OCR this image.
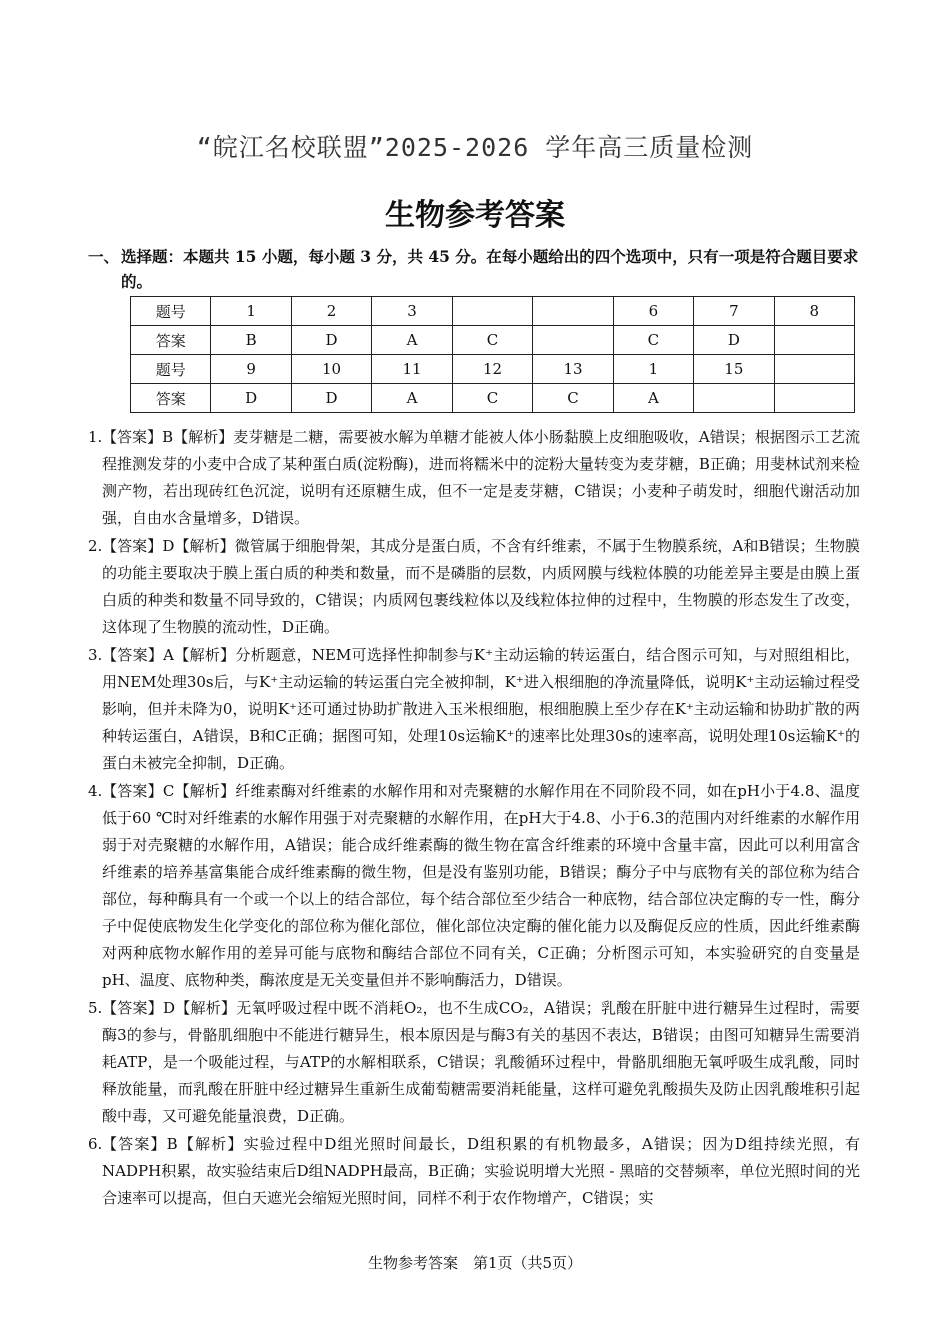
“皖江名校联盟”2025-2026 学年高三质量检测
生物参考答案
一、 选择题：本题共 15 小题，每小题 3 分，共 45 分。在每小题给出的四个选项中，只有一项是符合题目要求的。
题号	1	2	3			6	7	8
答案	B	D	A	C		C	D	
题号	9	10	11	12	13	1	15	
答案	D	D	A	C	C	A		
1. 【答案】B【解析】麦芽糖是二糖，需要被水解为单糖才能被人体小肠黏膜上皮细胞吸收，A错误；根据图示工艺流程推测发芽的小麦中合成了某种蛋白质(淀粉酶)，进而将糯米中的淀粉大量转变为麦芽糖，B正确；用斐林试剂来检测产物，若出现砖红色沉淀，说明有还原糖生成，但不一定是麦芽糖，C错误；小麦种子萌发时，细胞代谢活动加强，自由水含量增多，D错误。
2. 【答案】D【解析】微管属于细胞骨架，其成分是蛋白质，不含有纤维素，不属于生物膜系统，A和B错误；生物膜的功能主要取决于膜上蛋白质的种类和数量，而不是磷脂的层数，内质网膜与线粒体膜的功能差异主要是由膜上蛋白质的种类和数量不同导致的，C错误；内质网包裹线粒体以及线粒体拉伸的过程中，生物膜的形态发生了改变，这体现了生物膜的流动性，D正确。
3. 【答案】A【解析】分析题意，NEM可选择性抑制参与K⁺主动运输的转运蛋白，结合图示可知，与对照组相比，用NEM处理30s后，与K⁺主动运输的转运蛋白完全被抑制，K⁺进入根细胞的净流量降低，说明K⁺主动运输过程受影响，但并未降为0，说明K⁺还可通过协助扩散进入玉米根细胞，根细胞膜上至少存在K⁺主动运输和协助扩散的两种转运蛋白，A错误，B和C正确；据图可知，处理10s运输K⁺的速率比处理30s的速率高，说明处理10s运输K⁺的蛋白未被完全抑制，D正确。
4. 【答案】C【解析】纤维素酶对纤维素的水解作用和对壳聚糖的水解作用在不同阶段不同，如在pH小于4.8、温度低于60 ℃时对纤维素的水解作用强于对壳聚糖的水解作用，在pH大于4.8、小于6.3的范围内对纤维素的水解作用弱于对壳聚糖的水解作用，A错误；能合成纤维素酶的微生物在富含纤维素的环境中含量丰富，因此可以利用富含纤维素的培养基富集能合成纤维素酶的微生物，但是没有鉴别功能，B错误；酶分子中与底物有关的部位称为结合部位，每种酶具有一个或一个以上的结合部位，每个结合部位至少结合一种底物，结合部位决定酶的专一性，酶分子中促使底物发生化学变化的部位称为催化部位，催化部位决定酶的催化能力以及酶促反应的性质，因此纤维素酶对两种底物水解作用的差异可能与底物和酶结合部位不同有关，C正确；分析图示可知，本实验研究的自变量是pH、温度、底物种类，酶浓度是无关变量但并不影响酶活力，D错误。
5. 【答案】D【解析】无氧呼吸过程中既不消耗O₂，也不生成CO₂，A错误；乳酸在肝脏中进行糖异生过程时，需要酶3的参与，骨骼肌细胞中不能进行糖异生，根本原因是与酶3有关的基因不表达，B错误；由图可知糖异生需要消耗ATP，是一个吸能过程，与ATP的水解相联系，C错误；乳酸循环过程中，骨骼肌细胞无氧呼吸生成乳酸，同时释放能量，而乳酸在肝脏中经过糖异生重新生成葡萄糖需要消耗能量，这样可避免乳酸损失及防止因乳酸堆积引起酸中毒，又可避免能量浪费，D正确。
6. 【答案】B【解析】实验过程中D组光照时间最长，D组积累的有机物最多，A错误；因为D组持续光照，有NADPH积累，故实验结束后D组NADPH最高，B正确；实验说明增大光照 - 黑暗的交替频率，单位光照时间的光合速率可以提高，但白天遮光会缩短光照时间，同样不利于农作物增产，C错误；实
生物参考答案　第1页（共5页）
